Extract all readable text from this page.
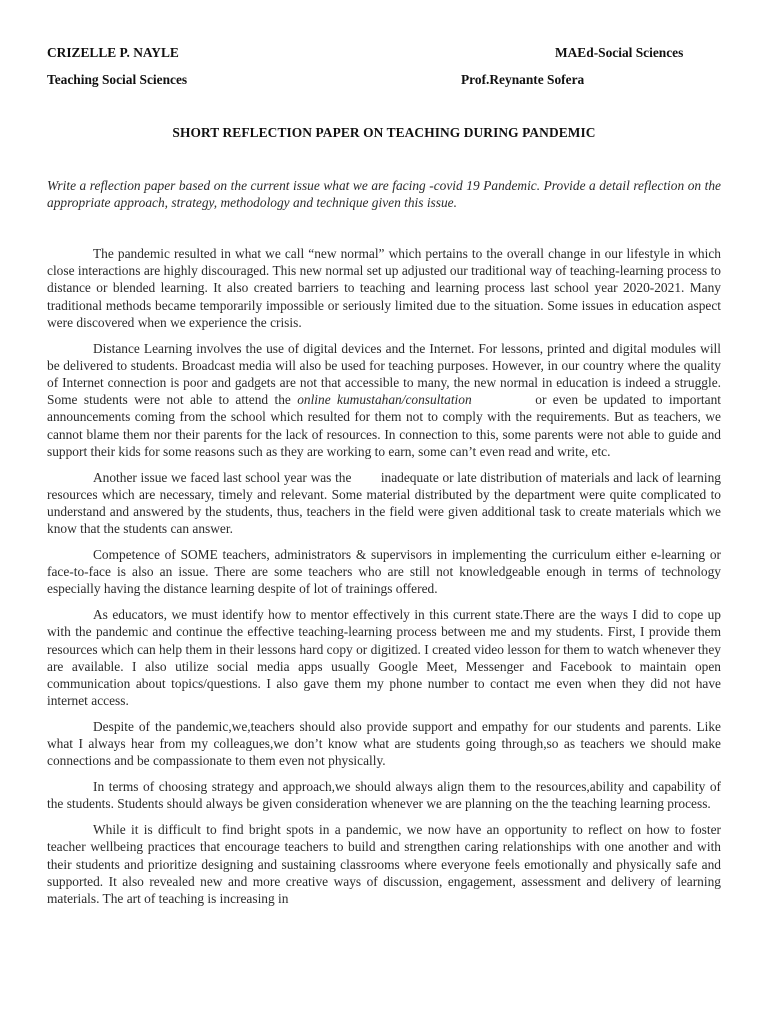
CRIZELLE P. NAYLE	MAEd-Social Sciences
Teaching Social Sciences	Prof.Reynante Sofera
SHORT REFLECTION PAPER ON TEACHING DURING PANDEMIC
Write a reflection paper based on the current issue what we are facing -covid 19 Pandemic. Provide a detail reflection on the appropriate approach, strategy, methodology and technique given this issue.

The pandemic resulted in what we call “new normal” which pertains to the overall change in our lifestyle in which close interactions are highly discouraged. This new normal set up adjusted our traditional way of teaching-learning process to distance or blended learning. It also created barriers to teaching and learning process last school year 2020-2021. Many traditional methods became temporarily impossible or seriously limited due to the situation. Some issues in education aspect were discovered when we experience the crisis.

Distance Learning involves the use of digital devices and the Internet. For lessons, printed and digital modules will be delivered to students. Broadcast media will also be used for teaching purposes. However, in our country where the quality of Internet connection is poor and gadgets are not that accessible to many, the new normal in education is indeed a struggle. Some students were not able to attend the online kumustahan/consultation          or even be updated to important announcements coming from the school which resulted for them not to comply with the requirements. But as teachers, we cannot blame them nor their parents for the lack of resources. In connection to this, some parents were not able to guide and support their kids for some reasons such as they are working to earn, some can’t even read and write, etc.

Another issue we faced last school year was the        inadequate or late distribution of materials and lack of learning resources which are necessary, timely and relevant. Some material distributed by the department were quite complicated to understand and answered by the students, thus, teachers in the field were given additional task to create materials which we know that the students can answer.

Competence of SOME teachers, administrators & supervisors in implementing the curriculum either e-learning or face-to-face is also an issue. There are some teachers who are still not knowledgeable enough in terms of technology especially having the distance learning despite of lot of trainings offered.

As educators, we must identify how to mentor effectively in this current state.There are the ways I did to cope up with the pandemic and continue the effective teaching-learning process between me and my students. First, I provide them resources which can help them in their lessons hard copy or digitized. I created video lesson for them to watch whenever they are available. I also utilize social media apps usually Google Meet, Messenger and Facebook to maintain open communication about topics/questions. I also gave them my phone number to contact me even when they did not have internet access.

Despite of the pandemic,we,teachers should also provide support and empathy for our students and parents. Like what I always hear from my colleagues,we don’t know what are students going through,so as teachers we should make connections and be compassionate to them even not physically.

In terms of choosing strategy and approach,we should always align them to the resources,ability and capability of the students. Students should always be given consideration whenever we are planning on the the teaching learning process.

While it is difficult to find bright spots in a pandemic, we now have an opportunity to reflect on how to foster teacher wellbeing practices that encourage teachers to build and strengthen caring relationships with one another and with their students and prioritize designing and sustaining classrooms where everyone feels emotionally and physically safe and supported. It also revealed new and more creative ways of discussion, engagement, assessment and delivery of learning materials. The art of teaching is increasing in
